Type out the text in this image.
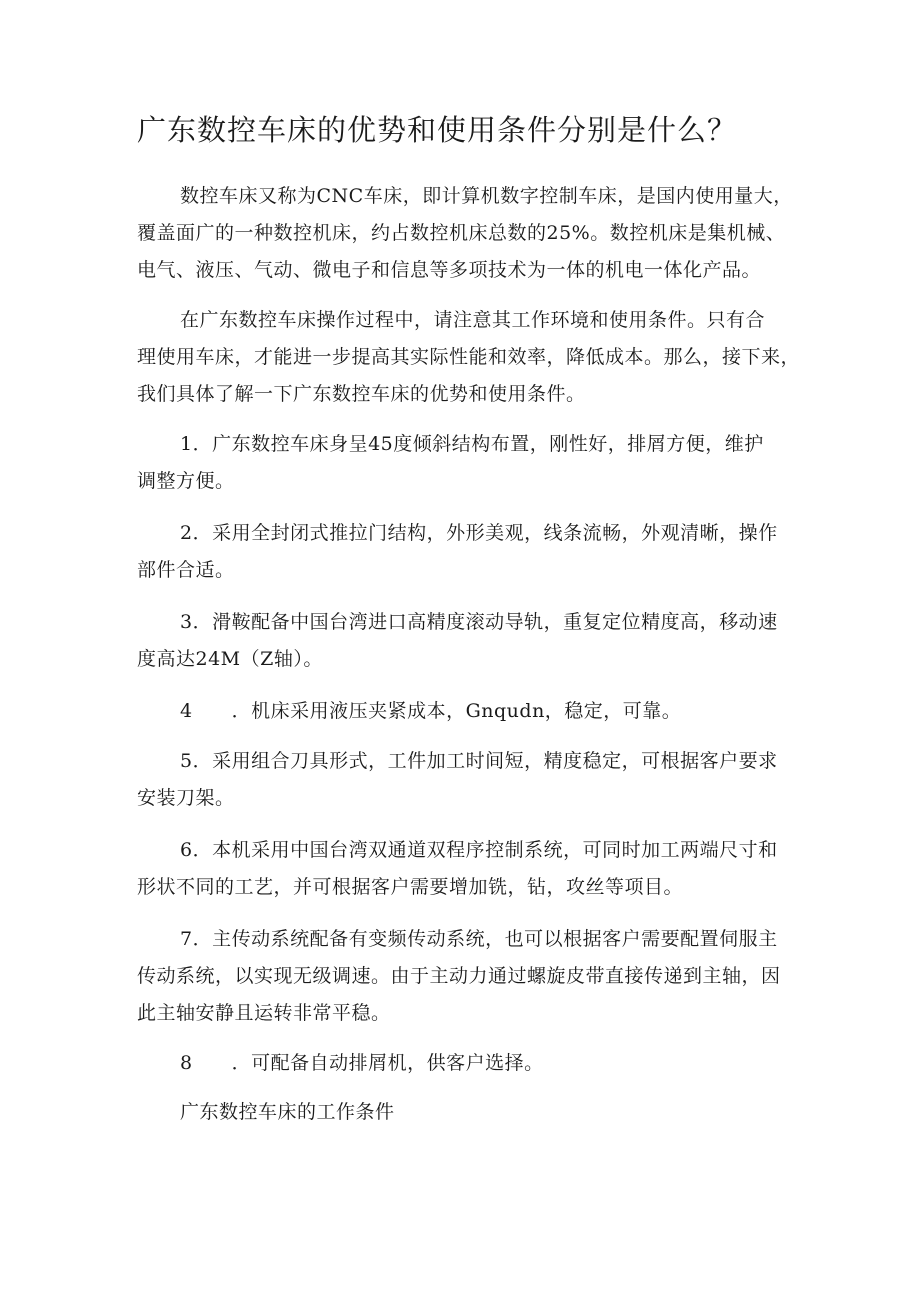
广东数控车床的优势和使用条件分别是什么？

数控车床又称为CNC车床，即计算机数字控制车床，是国内使用量大，
覆盖面广的一种数控机床，约占数控机床总数的25%。数控机床是集机械、
电气、液压、气动、微电子和信息等多项技术为一体的机电一体化产品。

在广东数控车床操作过程中，请注意其工作环境和使用条件。只有合
理使用车床，才能进一步提高其实际性能和效率，降低成本。那么，接下来，
我们具体了解一下广东数控车床的优势和使用条件。

1．广东数控车床身呈45度倾斜结构布置，刚性好，排屑方便，维护
调整方便。

2．采用全封闭式推拉门结构，外形美观，线条流畅，外观清晰，操作
部件合适。

3．滑鞍配备中国台湾进口高精度滚动导轨，重复定位精度高，移动速
度高达24M（Z轴）。

4　　．机床采用液压夹紧成本，Gnqudn，稳定，可靠。

5．采用组合刀具形式，工件加工时间短，精度稳定，可根据客户要求
安装刀架。

6．本机采用中国台湾双通道双程序控制系统，可同时加工两端尺寸和
形状不同的工艺，并可根据客户需要增加铣，钻，攻丝等项目。

7．主传动系统配备有变频传动系统，也可以根据客户需要配置伺服主
传动系统，以实现无级调速。由于主动力通过螺旋皮带直接传递到主轴，因
此主轴安静且运转非常平稳。

8　　．可配备自动排屑机，供客户选择。

广东数控车床的工作条件
